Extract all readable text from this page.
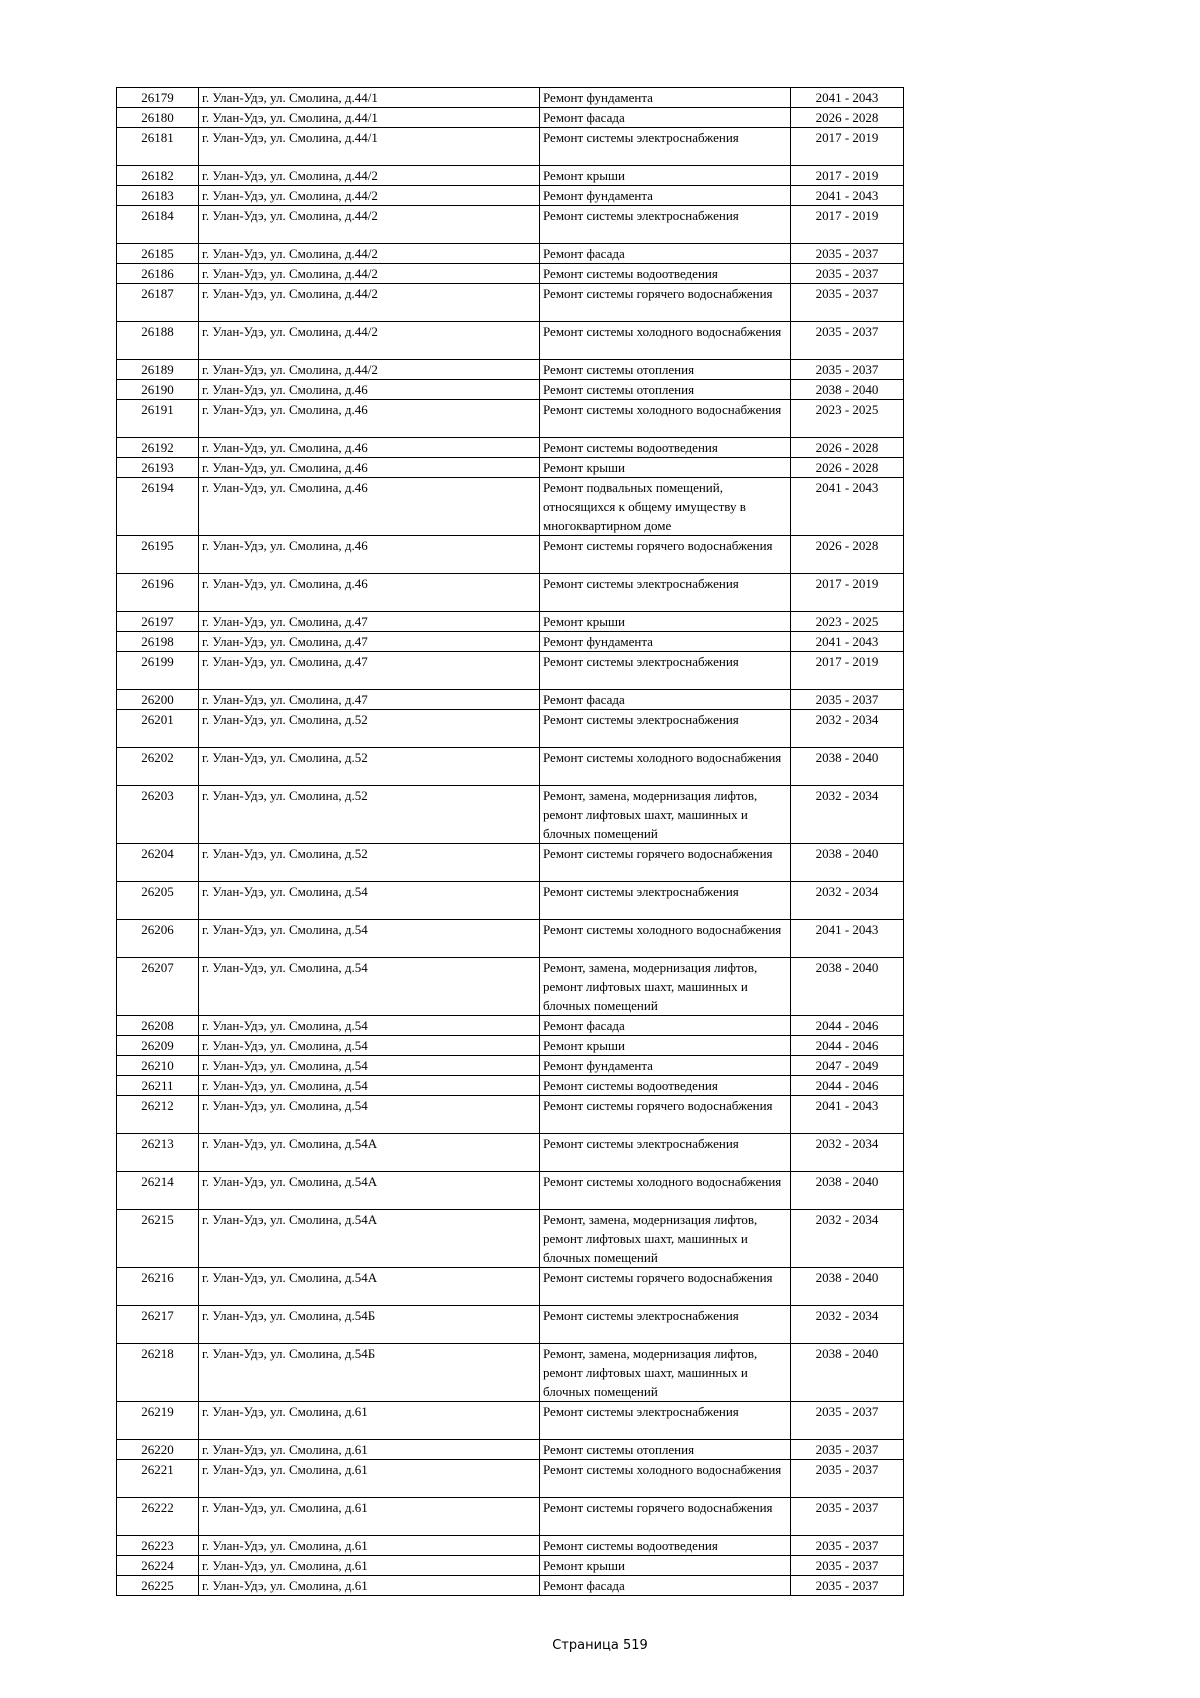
26179	г. Улан-Удэ, ул. Смолина, д.44/1	Ремонт фундамента	2041 - 2043
26180	г. Улан-Удэ, ул. Смолина, д.44/1	Ремонт фасада	2026 - 2028
26181	г. Улан-Удэ, ул. Смолина, д.44/1	Ремонт системы электроснабжения	2017 - 2019
26182	г. Улан-Удэ, ул. Смолина, д.44/2	Ремонт крыши	2017 - 2019
26183	г. Улан-Удэ, ул. Смолина, д.44/2	Ремонт фундамента	2041 - 2043
26184	г. Улан-Удэ, ул. Смолина, д.44/2	Ремонт системы электроснабжения	2017 - 2019
26185	г. Улан-Удэ, ул. Смолина, д.44/2	Ремонт фасада	2035 - 2037
26186	г. Улан-Удэ, ул. Смолина, д.44/2	Ремонт системы водоотведения	2035 - 2037
26187	г. Улан-Удэ, ул. Смолина, д.44/2	Ремонт системы горячего водоснабжения	2035 - 2037
26188	г. Улан-Удэ, ул. Смолина, д.44/2	Ремонт системы холодного водоснабжения	2035 - 2037
26189	г. Улан-Удэ, ул. Смолина, д.44/2	Ремонт системы отопления	2035 - 2037
26190	г. Улан-Удэ, ул. Смолина, д.46	Ремонт системы отопления	2038 - 2040
26191	г. Улан-Удэ, ул. Смолина, д.46	Ремонт системы холодного водоснабжения	2023 - 2025
26192	г. Улан-Удэ, ул. Смолина, д.46	Ремонт системы водоотведения	2026 - 2028
26193	г. Улан-Удэ, ул. Смолина, д.46	Ремонт крыши	2026 - 2028
26194	г. Улан-Удэ, ул. Смолина, д.46	Ремонт подвальных помещений, относящихся к общему имуществу в многоквартирном доме	2041 - 2043
26195	г. Улан-Удэ, ул. Смолина, д.46	Ремонт системы горячего водоснабжения	2026 - 2028
26196	г. Улан-Удэ, ул. Смолина, д.46	Ремонт системы электроснабжения	2017 - 2019
26197	г. Улан-Удэ, ул. Смолина, д.47	Ремонт крыши	2023 - 2025
26198	г. Улан-Удэ, ул. Смолина, д.47	Ремонт фундамента	2041 - 2043
26199	г. Улан-Удэ, ул. Смолина, д.47	Ремонт системы электроснабжения	2017 - 2019
26200	г. Улан-Удэ, ул. Смолина, д.47	Ремонт фасада	2035 - 2037
26201	г. Улан-Удэ, ул. Смолина, д.52	Ремонт системы электроснабжения	2032 - 2034
26202	г. Улан-Удэ, ул. Смолина, д.52	Ремонт системы холодного водоснабжения	2038 - 2040
26203	г. Улан-Удэ, ул. Смолина, д.52	Ремонт, замена, модернизация лифтов, ремонт лифтовых шахт, машинных и блочных помещений	2032 - 2034
26204	г. Улан-Удэ, ул. Смолина, д.52	Ремонт системы горячего водоснабжения	2038 - 2040
26205	г. Улан-Удэ, ул. Смолина, д.54	Ремонт системы электроснабжения	2032 - 2034
26206	г. Улан-Удэ, ул. Смолина, д.54	Ремонт системы холодного водоснабжения	2041 - 2043
26207	г. Улан-Удэ, ул. Смолина, д.54	Ремонт, замена, модернизация лифтов, ремонт лифтовых шахт, машинных и блочных помещений	2038 - 2040
26208	г. Улан-Удэ, ул. Смолина, д.54	Ремонт фасада	2044 - 2046
26209	г. Улан-Удэ, ул. Смолина, д.54	Ремонт крыши	2044 - 2046
26210	г. Улан-Удэ, ул. Смолина, д.54	Ремонт фундамента	2047 - 2049
26211	г. Улан-Удэ, ул. Смолина, д.54	Ремонт системы водоотведения	2044 - 2046
26212	г. Улан-Удэ, ул. Смолина, д.54	Ремонт системы горячего водоснабжения	2041 - 2043
26213	г. Улан-Удэ, ул. Смолина, д.54А	Ремонт системы электроснабжения	2032 - 2034
26214	г. Улан-Удэ, ул. Смолина, д.54А	Ремонт системы холодного водоснабжения	2038 - 2040
26215	г. Улан-Удэ, ул. Смолина, д.54А	Ремонт, замена, модернизация лифтов, ремонт лифтовых шахт, машинных и блочных помещений	2032 - 2034
26216	г. Улан-Удэ, ул. Смолина, д.54А	Ремонт системы горячего водоснабжения	2038 - 2040
26217	г. Улан-Удэ, ул. Смолина, д.54Б	Ремонт системы электроснабжения	2032 - 2034
26218	г. Улан-Удэ, ул. Смолина, д.54Б	Ремонт, замена, модернизация лифтов, ремонт лифтовых шахт, машинных и блочных помещений	2038 - 2040
26219	г. Улан-Удэ, ул. Смолина, д.61	Ремонт системы электроснабжения	2035 - 2037
26220	г. Улан-Удэ, ул. Смолина, д.61	Ремонт системы отопления	2035 - 2037
26221	г. Улан-Удэ, ул. Смолина, д.61	Ремонт системы холодного водоснабжения	2035 - 2037
26222	г. Улан-Удэ, ул. Смолина, д.61	Ремонт системы горячего водоснабжения	2035 - 2037
26223	г. Улан-Удэ, ул. Смолина, д.61	Ремонт системы водоотведения	2035 - 2037
26224	г. Улан-Удэ, ул. Смолина, д.61	Ремонт крыши	2035 - 2037
26225	г. Улан-Удэ, ул. Смолина, д.61	Ремонт фасада	2035 - 2037
Страница 519
